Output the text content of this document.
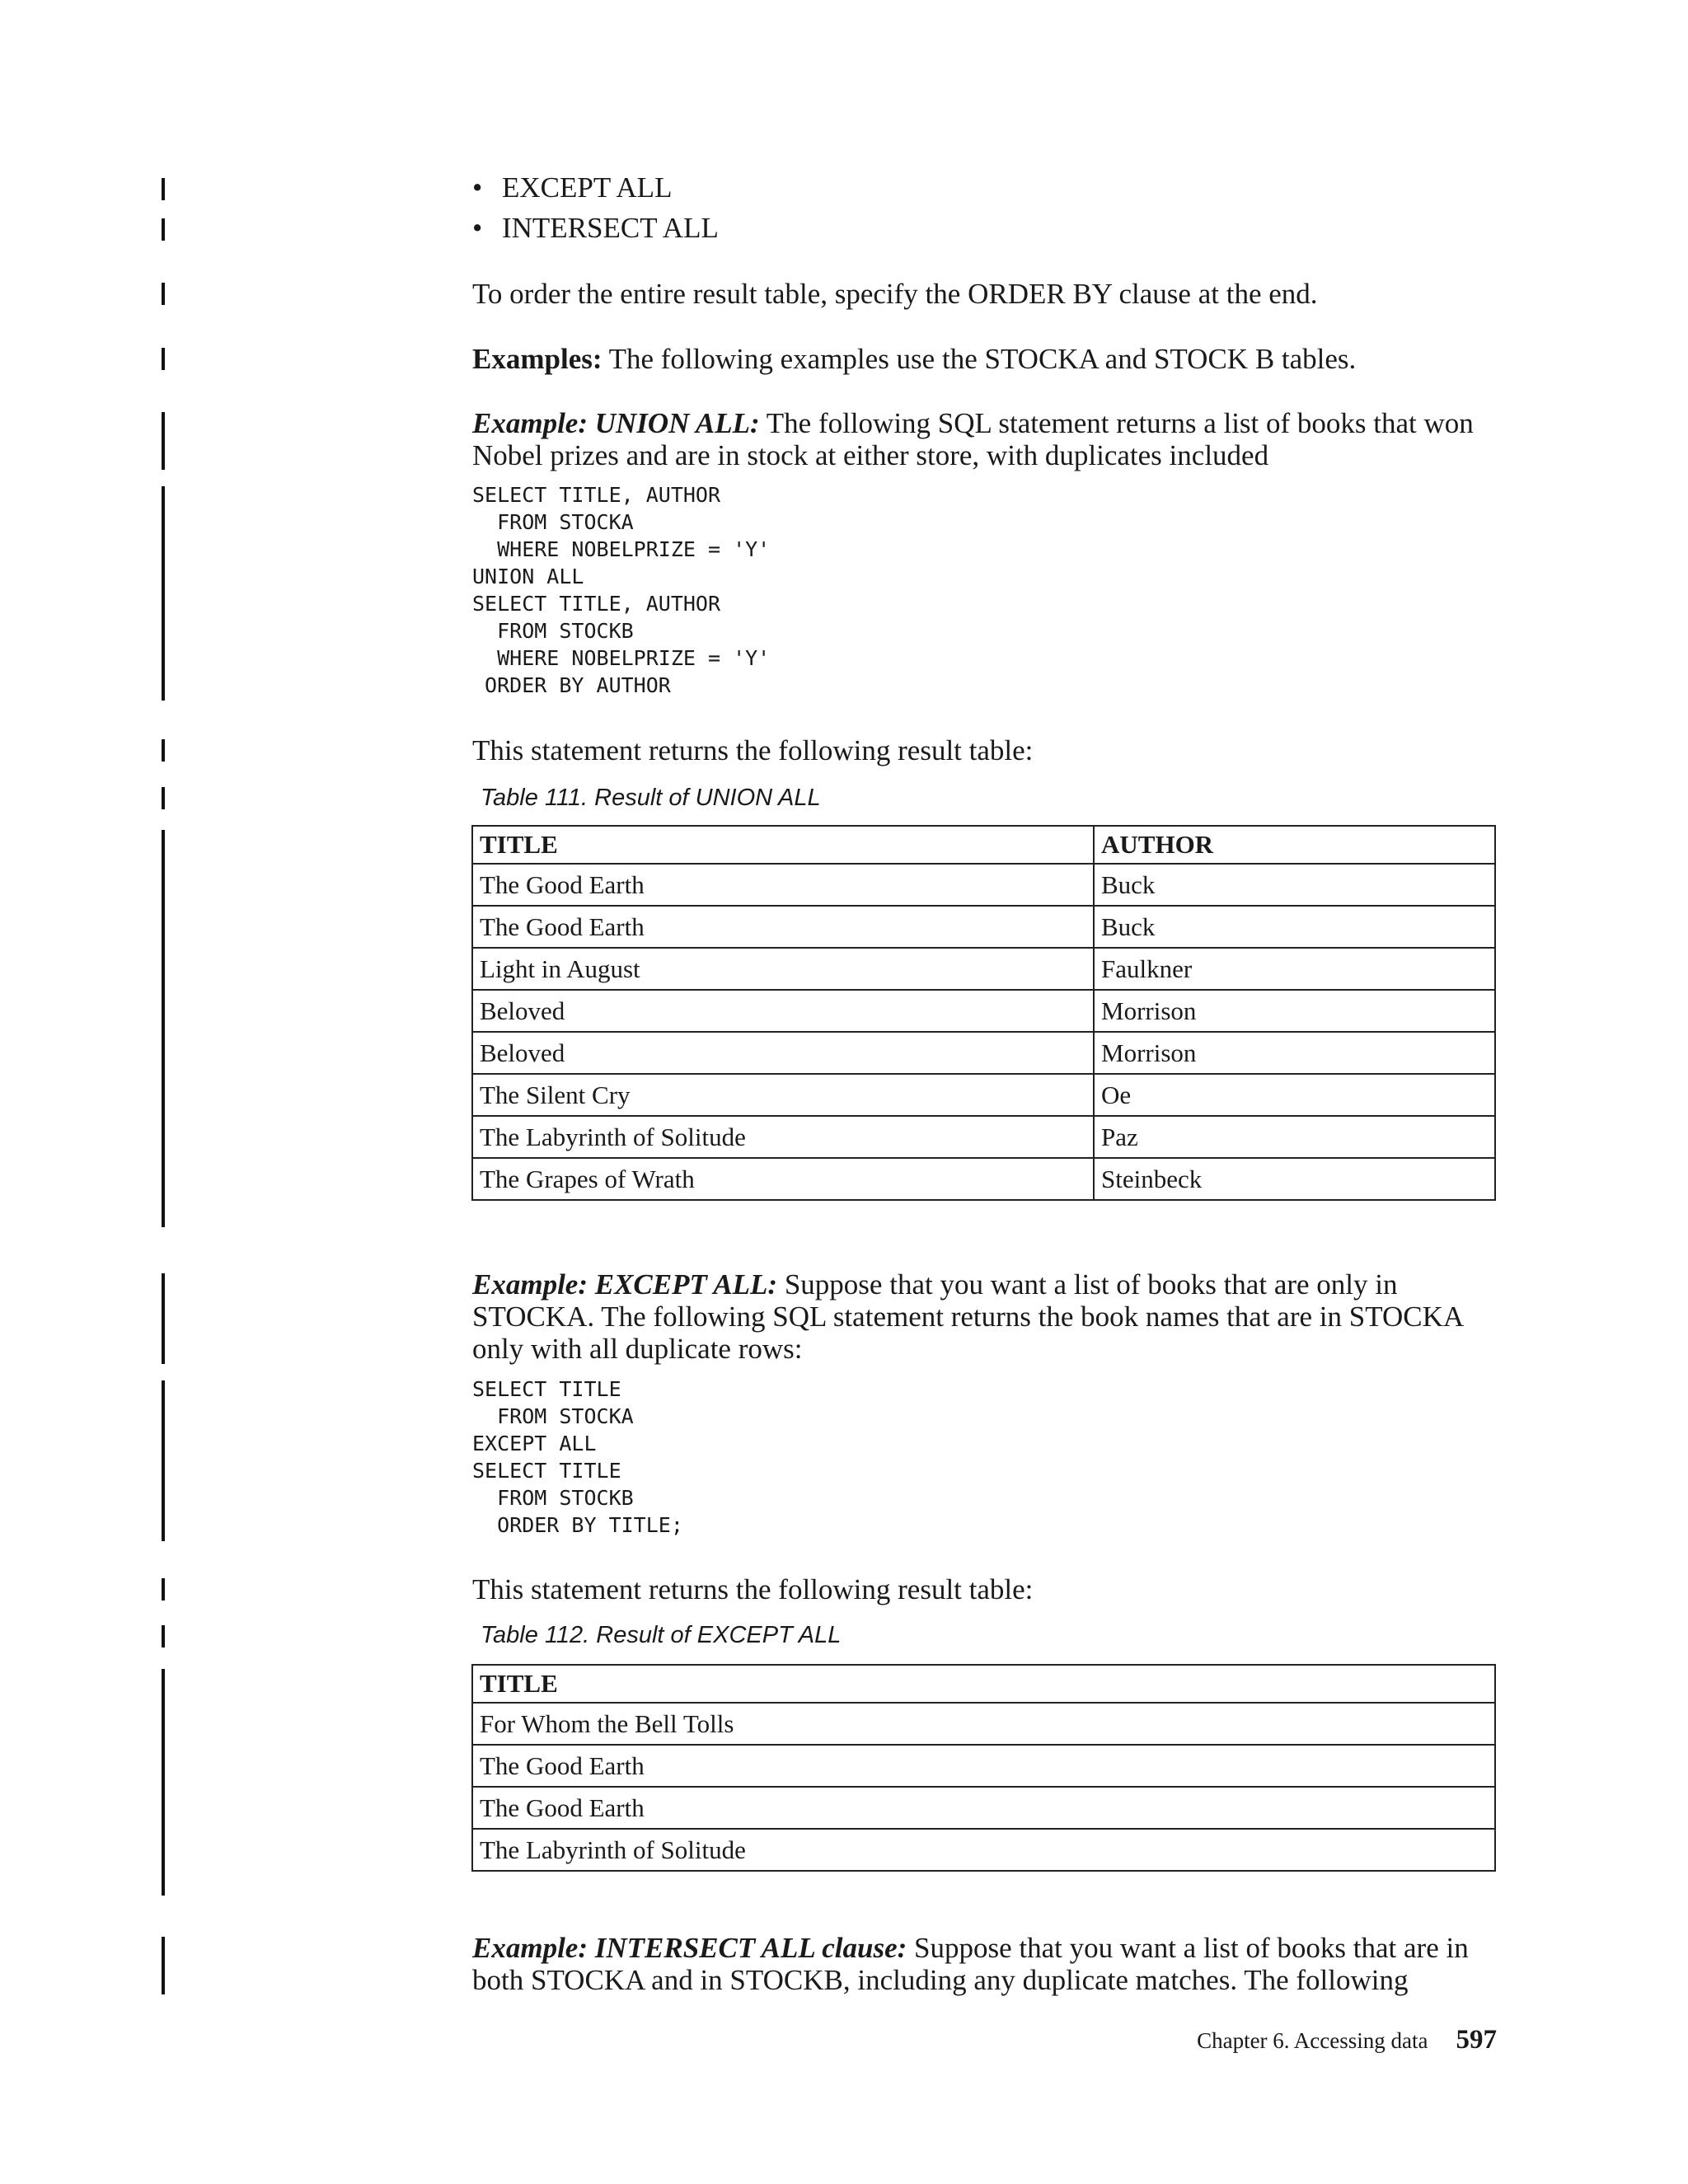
• EXCEPT ALL
• INTERSECT ALL
To order the entire result table, specify the ORDER BY clause at the end.
Examples: The following examples use the STOCKA and STOCK B tables.
Example: UNION ALL: The following SQL statement returns a list of books that won Nobel prizes and are in stock at either store, with duplicates included
SELECT TITLE, AUTHOR
FROM STOCKA
WHERE NOBELPRIZE = 'Y'
UNION ALL
SELECT TITLE, AUTHOR
FROM STOCKB
WHERE NOBELPRIZE = 'Y'
ORDER BY AUTHOR
This statement returns the following result table:
Table 111. Result of UNION ALL
TITLE	AUTHOR
The Good Earth	Buck
The Good Earth	Buck
Light in August	Faulkner
Beloved	Morrison
Beloved	Morrison
The Silent Cry	Oe
The Labyrinth of Solitude	Paz
The Grapes of Wrath	Steinbeck
Example: EXCEPT ALL: Suppose that you want a list of books that are only in STOCKA. The following SQL statement returns the book names that are in STOCKA only with all duplicate rows:
SELECT TITLE
FROM STOCKA
EXCEPT ALL
SELECT TITLE
FROM STOCKB
ORDER BY TITLE;
This statement returns the following result table:
Table 112. Result of EXCEPT ALL
TITLE
For Whom the Bell Tolls
The Good Earth
The Good Earth
The Labyrinth of Solitude
Example: INTERSECT ALL clause: Suppose that you want a list of books that are in both STOCKA and in STOCKB, including any duplicate matches. The following
Chapter 6. Accessing data 597
